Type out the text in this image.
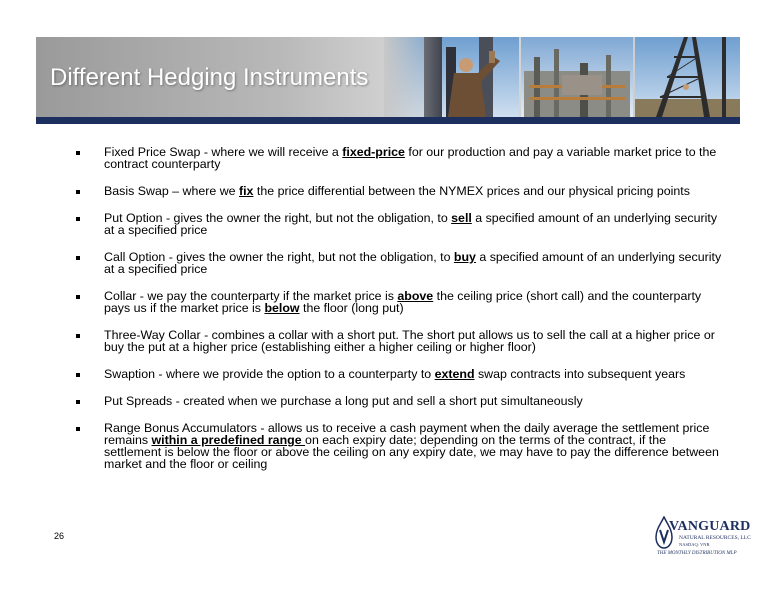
Different Hedging Instruments
Fixed Price Swap - where we will receive a fixed-price for our production and pay a variable market price to the contract counterparty
Basis Swap – where we fix the price differential between the NYMEX prices and our physical pricing points
Put Option - gives the owner the right, but not the obligation, to sell a specified amount of an underlying security at a specified price
Call Option - gives the owner the right, but not the obligation, to buy a specified amount of an underlying security at a specified price
Collar - we pay the counterparty if the market price is above the ceiling price (short call) and the counterparty pays us if the market price is below the floor (long put)
Three-Way Collar - combines a collar with a short put. The short put allows us to sell the call at a higher price or buy the put at a higher price (establishing either a higher ceiling or higher floor)
Swaption - where we provide the option to a counterparty to extend swap contracts into subsequent years
Put Spreads - created when we purchase a long put and sell a short put simultaneously
Range Bonus Accumulators - allows us to receive a cash payment when the daily average the settlement price remains within a predefined range on each expiry date; depending on the terms of the contract, if the settlement is below the floor or above the ceiling on any expiry date, we may have to pay the difference between market and the floor or ceiling
26
VANGUARD
NATURAL RESOURCES, LLC
NASDAQ: VNR
THE MONTHLY DISTRIBUTION MLP
